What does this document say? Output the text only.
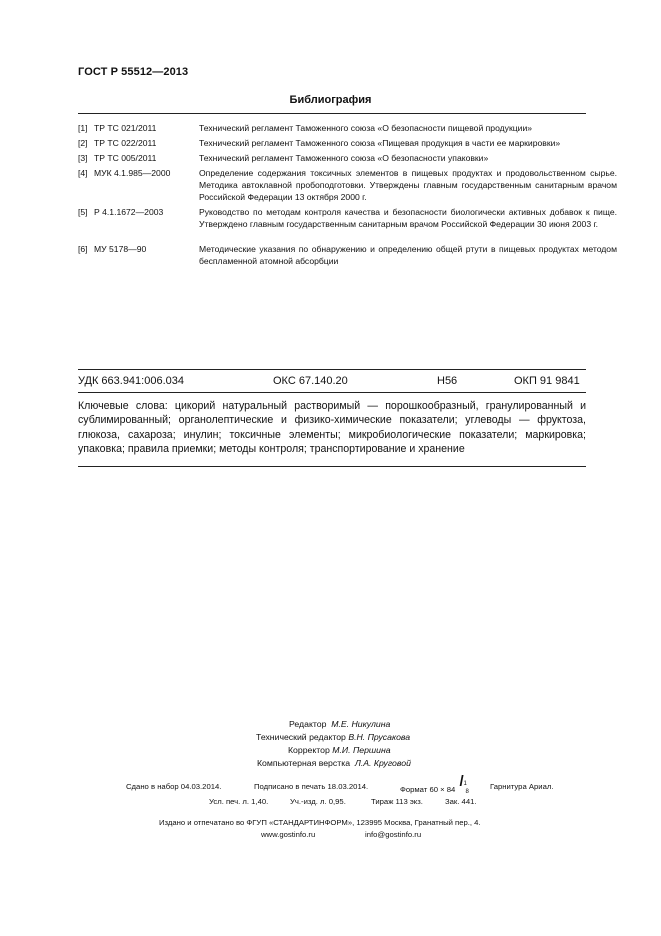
ГОСТ Р 55512—2013
Библиография
[1] ТР ТС 021/2011	Технический регламент Таможенного союза «О безопасности пищевой продукции»
[2] ТР ТС 022/2011	Технический регламент Таможенного союза «Пищевая продукция в части ее маркировки»
[3] ТР ТС 005/2011	Технический регламент Таможенного союза «О безопасности упаковки»
[4] МУК 4.1.985—2000	Определение содержания токсичных элементов в пищевых продуктах и продовольственном сырье. Методика автоклавной пробоподготовки. Утверждены главным государственным санитарным врачом Российской Федерации 13 октября 2000 г.
[5] Р 4.1.1672—2003	Руководство по методам контроля качества и безопасности биологически активных добавок к пище. Утверждено главным государственным санитарным врачом Российской Федерации 30 июня 2003 г.
[6] МУ 5178—90	Методические указания по обнаружению и определению общей ртути в пищевых продуктах методом беспламенной атомной абсорбции
УДК 663.941:006.034	ОКС 67.140.20	Н56	ОКП 91 9841
Ключевые слова: цикорий натуральный растворимый — порошкообразный, гранулированный и сублимированный; органолептические и физико-химические показатели; углеводы — фруктоза, глюкоза, сахароза; инулин; токсичные элементы; микробиологические показатели; маркировка; упаковка; правила приемки; методы контроля; транспортирование и хранение
Редактор М.Е. Никулина
Технический редактор В.Н. Прусакова
Корректор М.И. Першина
Компьютерная верстка Л.А. Круговой
Сдано в набор 04.03.2014.	Подписано в печать 18.03.2014.	Формат 60 × 84
1
/
8
Гарнитура Ариал.
Усл. печ. л. 1,40.	Уч.-изд. л. 0,95.	Тираж 113 экз.	Зак. 441.
Издано и отпечатано во ФГУП «СТАНДАРТИНФОРМ», 123995 Москва, Гранатный пер., 4.
www.gostinfo.ru	info@gostinfo.ru
